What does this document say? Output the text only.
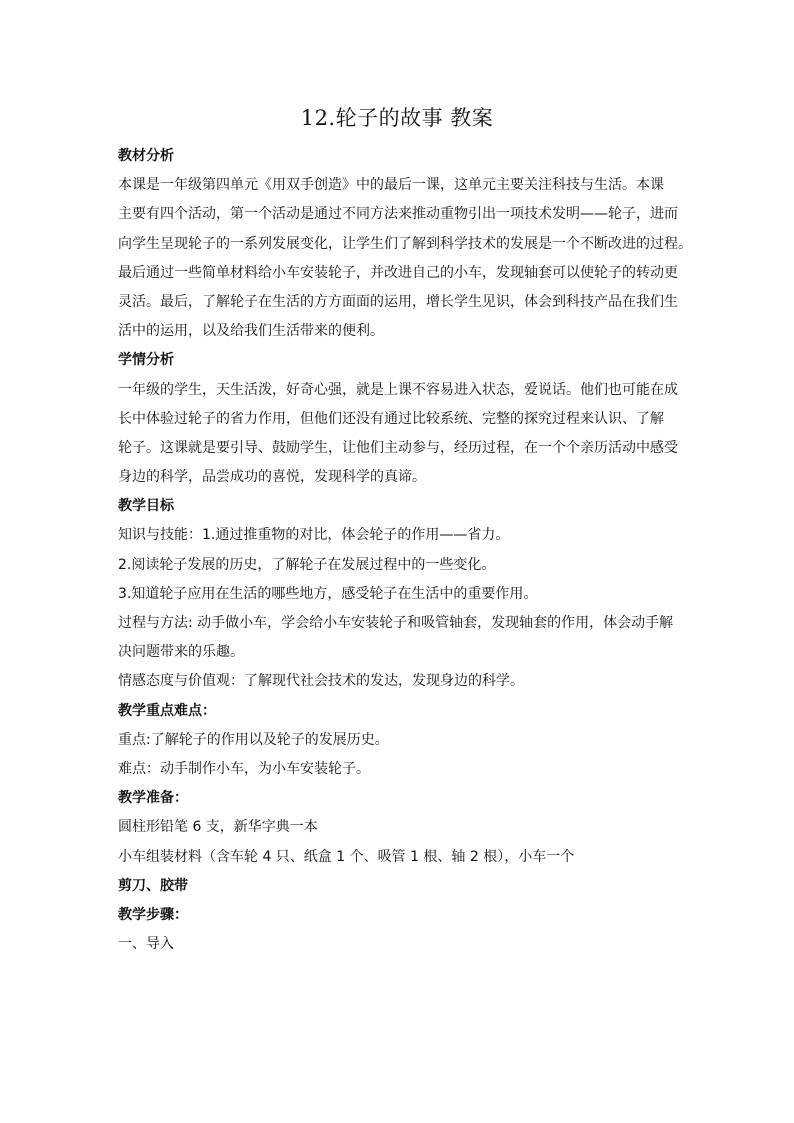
12.轮子的故事 教案
教材分析
本课是一年级第四单元《用双手创造》中的最后一课，这单元主要关注科技与生活。本课
主要有四个活动，第一个活动是通过不同方法来推动重物引出一项技术发明——轮子，进而
向学生呈现轮子的一系列发展变化，让学生们了解到科学技术的发展是一个不断改进的过程。
最后通过一些简单材料给小车安装轮子，并改进自己的小车，发现轴套可以使轮子的转动更
灵活。最后，了解轮子在生活的方方面面的运用，增长学生见识，体会到科技产品在我们生
活中的运用，以及给我们生活带来的便利。
学情分析
一年级的学生，天生活泼，好奇心强，就是上课不容易进入状态，爱说话。他们也可能在成
长中体验过轮子的省力作用，但他们还没有通过比较系统、完整的探究过程来认识、了解
轮子。这课就是要引导、鼓励学生，让他们主动参与，经历过程，在一个个亲历活动中感受
身边的科学，品尝成功的喜悦，发现科学的真谛。
教学目标
知识与技能：1.通过推重物的对比，体会轮子的作用——省力。
2.阅读轮子发展的历史，了解轮子在发展过程中的一些变化。
3.知道轮子应用在生活的哪些地方，感受轮子在生活中的重要作用。
过程与方法: 动手做小车，学会给小车安装轮子和吸管轴套，发现轴套的作用，体会动手解
决问题带来的乐趣。
情感态度与价值观：了解现代社会技术的发达，发现身边的科学。
教学重点难点：
重点:了解轮子的作用以及轮子的发展历史。
难点：动手制作小车，为小车安装轮子。
教学准备：
圆柱形铅笔 6 支，新华字典一本
小车组装材料（含车轮 4 只、纸盒 1 个、吸管 1 根、轴 2 根），小车一个
剪刀、胶带
教学步骤：
一、导入
